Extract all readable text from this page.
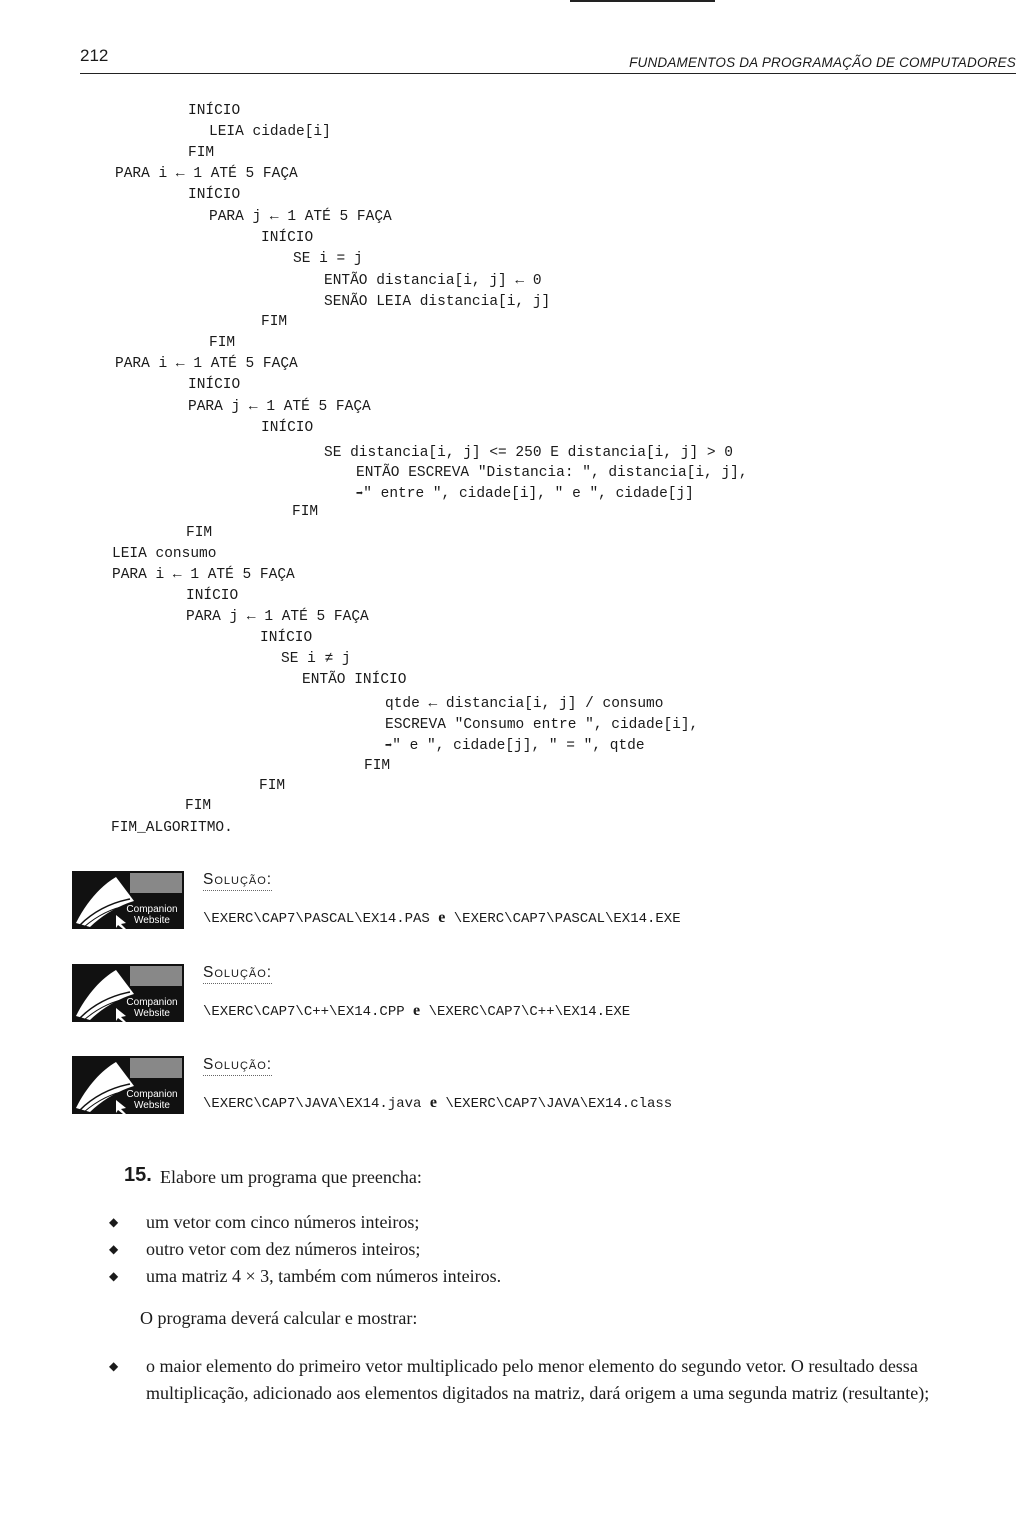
212	FUNDAMENTOS DA PROGRAMAÇÃO DE COMPUTADORES
INÍCIO
LEIA cidade[i]
FIM
PARA i ← 1 ATÉ 5 FAÇA
INÍCIO
PARA j ← 1 ATÉ 5 FAÇA
INÍCIO
SE i = j
ENTÃO distancia[i, j] ← 0
SENÃO LEIA distancia[i, j]
FIM
FIM
PARA i ← 1 ATÉ 5 FAÇA
INÍCIO
PARA j ← 1 ATÉ 5 FAÇA
INÍCIO
SE distancia[i, j] <= 250 E distancia[i, j] > 0
ENTÃO ESCREVA "Distancia: ", distancia[i, j],
➡" entre ", cidade[i], " e ", cidade[j]
FIM
FIM
LEIA consumo
PARA i ← 1 ATÉ 5 FAÇA
INÍCIO
PARA j ← 1 ATÉ 5 FAÇA
INÍCIO
SE i ≠ j
ENTÃO INÍCIO
qtde ← distancia[i, j] / consumo
ESCREVA "Consumo entre ", cidade[i],
➡" e ", cidade[j], " = ", qtde
FIM
FIM
FIM
FIM_ALGORITMO.
Companion
Website
Solução:
\EXERC\CAP7\PASCAL\EX14.PAS e \EXERC\CAP7\PASCAL\EX14.EXE
Companion
Website
Solução:
\EXERC\CAP7\C++\EX14.CPP e \EXERC\CAP7\C++\EX14.EXE
Companion
Website
Solução:
\EXERC\CAP7\JAVA\EX14.java e \EXERC\CAP7\JAVA\EX14.class
15. Elabore um programa que preencha:
◆ um vetor com cinco números inteiros;
◆ outro vetor com dez números inteiros;
◆ uma matriz 4 × 3, também com números inteiros.
O programa deverá calcular e mostrar:
◆ o maior elemento do primeiro vetor multiplicado pelo menor elemento do segundo vetor. O resultado dessa multiplicação, adicionado aos elementos digitados na matriz, dará origem a uma segunda matriz (resultante);
